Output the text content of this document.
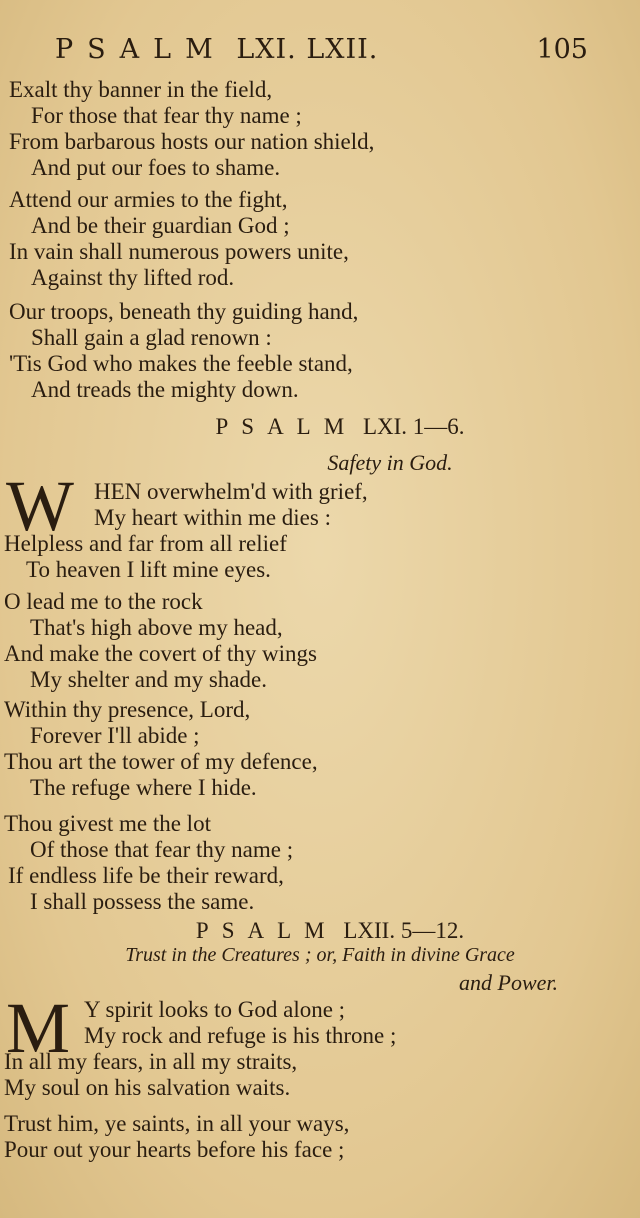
PSALM LXI. LXII.	105
Exalt thy banner in the field,
For those that fear thy name ;
From barbarous hosts our nation shield,
And put our foes to shame.
Attend our armies to the fight,
And be their guardian God ;
In vain shall numerous powers unite,
Against thy lifted rod.
Our troops, beneath thy guiding hand,
Shall gain a glad renown :
'Tis God who makes the feeble stand,
And treads the mighty down.
PSALM LXI. 1—6.
Safety in God.
W HEN overwhelm'd with grief,
My heart within me dies :
Helpless and far from all relief
To heaven I lift mine eyes.
O lead me to the rock
That's high above my head,
And make the covert of thy wings
My shelter and my shade.
Within thy presence, Lord,
Forever I'll abide ;
Thou art the tower of my defence,
The refuge where I hide.
Thou givest me the lot
Of those that fear thy name ;
If endless life be their reward,
I shall possess the same.
PSALM LXII. 5—12.
Trust in the Creatures ; or, Faith in divine Grace
and Power.
M Y spirit looks to God alone ;
My rock and refuge is his throne ;
In all my fears, in all my straits,
My soul on his salvation waits.
Trust him, ye saints, in all your ways,
Pour out your hearts before his face ;
